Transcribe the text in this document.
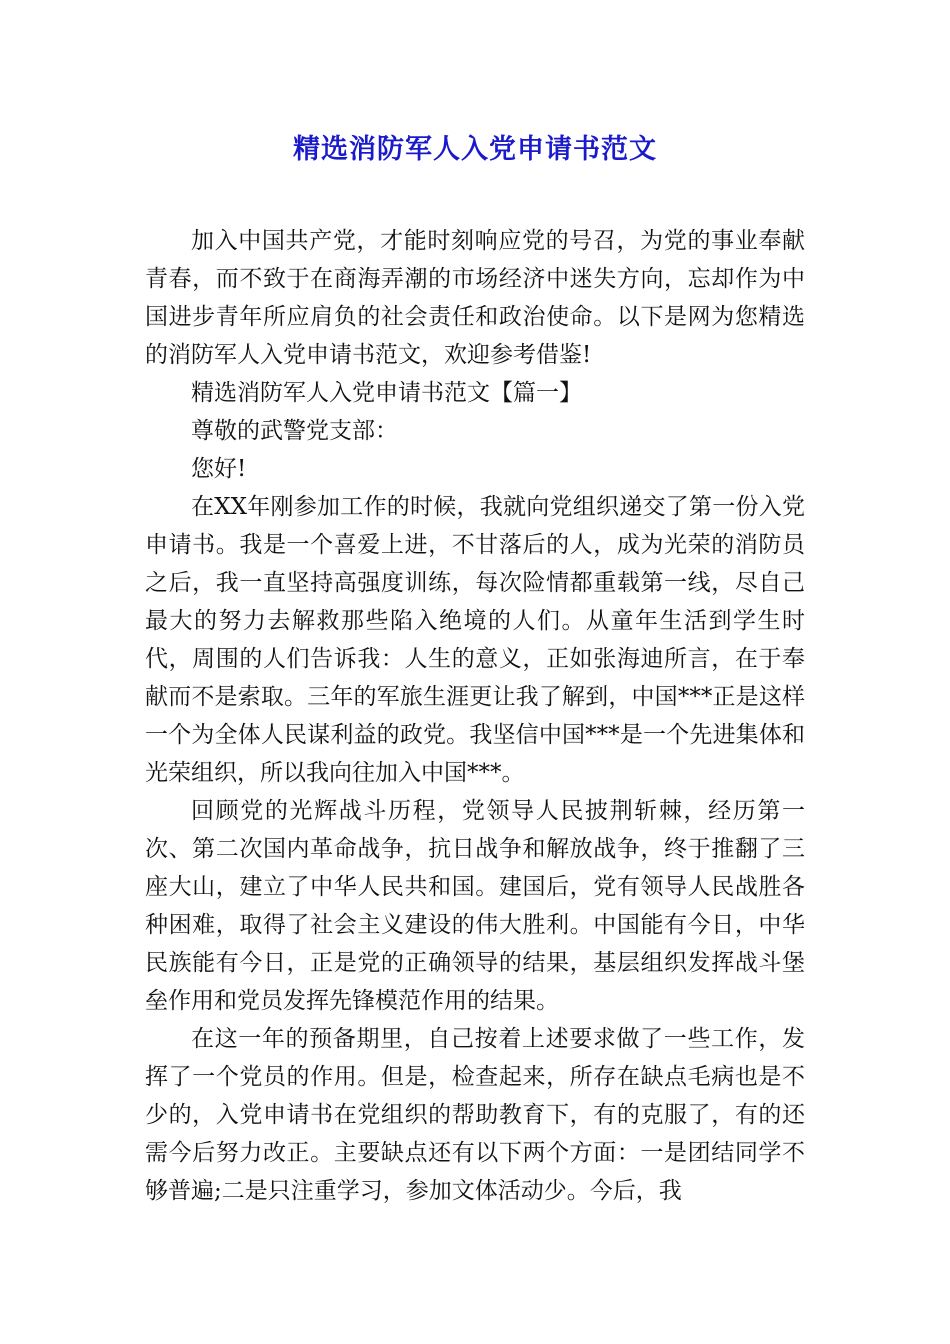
精选消防军人入党申请书范文

加入中国共产党，才能时刻响应党的号召，为党的事业奉献青春，而不致于在商海弄潮的市场经济中迷失方向，忘却作为中国进步青年所应肩负的社会责任和政治使命。以下是网为您精选的消防军人入党申请书范文，欢迎参考借鉴!

精选消防军人入党申请书范文【篇一】

尊敬的武警党支部：

您好!

在XX年刚参加工作的时候，我就向党组织递交了第一份入党申请书。我是一个喜爱上进，不甘落后的人，成为光荣的消防员之后，我一直坚持高强度训练，每次险情都重载第一线，尽自己最大的努力去解救那些陷入绝境的人们。从童年生活到学生时代，周围的人们告诉我：人生的意义，正如张海迪所言，在于奉献而不是索取。三年的军旅生涯更让我了解到，中国***正是这样一个为全体人民谋利益的政党。我坚信中国***是一个先进集体和光荣组织，所以我向往加入中国***。

回顾党的光辉战斗历程，党领导人民披荆斩棘，经历第一次、第二次国内革命战争，抗日战争和解放战争，终于推翻了三座大山，建立了中华人民共和国。建国后，党有领导人民战胜各种困难，取得了社会主义建设的伟大胜利。中国能有今日，中华民族能有今日，正是党的正确领导的结果，基层组织发挥战斗堡垒作用和党员发挥先锋模范作用的结果。

在这一年的预备期里，自己按着上述要求做了一些工作，发挥了一个党员的作用。但是，检查起来，所存在缺点毛病也是不少的，入党申请书在党组织的帮助教育下，有的克服了，有的还需今后努力改正。主要缺点还有以下两个方面：一是团结同学不够普遍;二是只注重学习，参加文体活动少。今后，我
